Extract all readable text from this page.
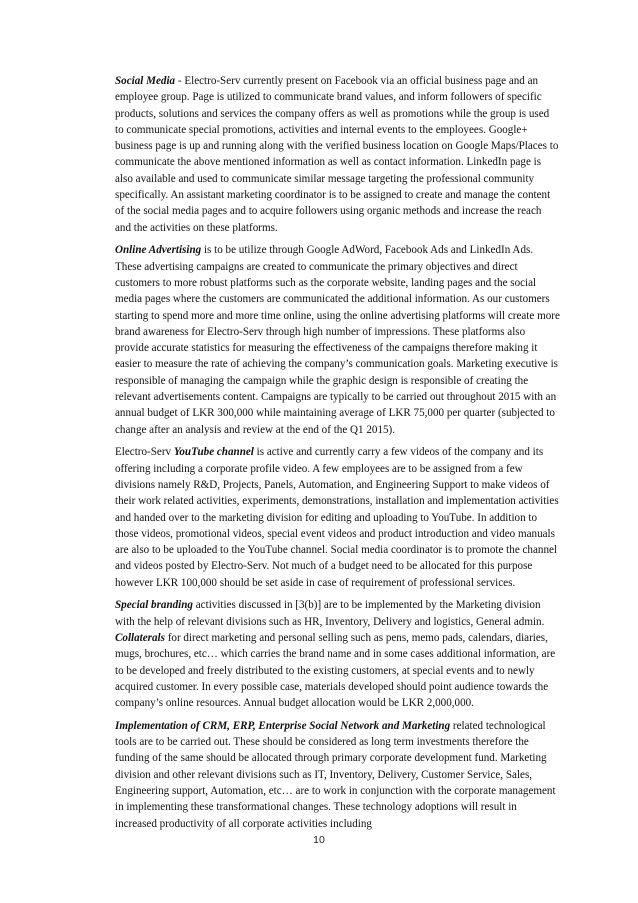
Social Media - Electro-Serv currently present on Facebook via an official business page and an employee group. Page is utilized to communicate brand values, and inform followers of specific products, solutions and services the company offers as well as promotions while the group is used to communicate special promotions, activities and internal events to the employees. Google+ business page is up and running along with the verified business location on Google Maps/Places to communicate the above mentioned information as well as contact information. LinkedIn page is also available and used to communicate similar message targeting the professional community specifically. An assistant marketing coordinator is to be assigned to create and manage the content of the social media pages and to acquire followers using organic methods and increase the reach and the activities on these platforms.

Online Advertising is to be utilize through Google AdWord, Facebook Ads and LinkedIn Ads. These advertising campaigns are created to communicate the primary objectives and direct customers to more robust platforms such as the corporate website, landing pages and the social media pages where the customers are communicated the additional information. As our customers starting to spend more and more time online, using the online advertising platforms will create more brand awareness for Electro-Serv through high number of impressions. These platforms also provide accurate statistics for measuring the effectiveness of the campaigns therefore making it easier to measure the rate of achieving the company’s communication goals. Marketing executive is responsible of managing the campaign while the graphic design is responsible of creating the relevant advertisements content. Campaigns are typically to be carried out throughout 2015 with an annual budget of LKR 300,000 while maintaining average of LKR 75,000 per quarter (subjected to change after an analysis and review at the end of the Q1 2015).

Electro-Serv YouTube channel is active and currently carry a few videos of the company and its offering including a corporate profile video. A few employees are to be assigned from a few divisions namely R&D, Projects, Panels, Automation, and Engineering Support to make videos of their work related activities, experiments, demonstrations, installation and implementation activities and handed over to the marketing division for editing and uploading to YouTube. In addition to those videos, promotional videos, special event videos and product introduction and video manuals are also to be uploaded to the YouTube channel. Social media coordinator is to promote the channel and videos posted by Electro-Serv. Not much of a budget need to be allocated for this purpose however LKR 100,000 should be set aside in case of requirement of professional services.

Special branding activities discussed in [3(b)] are to be implemented by the Marketing division with the help of relevant divisions such as HR, Inventory, Delivery and logistics, General admin. Collaterals for direct marketing and personal selling such as pens, memo pads, calendars, diaries, mugs, brochures, etc… which carries the brand name and in some cases additional information, are to be developed and freely distributed to the existing customers, at special events and to newly acquired customer. In every possible case, materials developed should point audience towards the company’s online resources. Annual budget allocation would be LKR 2,000,000.

Implementation of CRM, ERP, Enterprise Social Network and Marketing related technological tools are to be carried out. These should be considered as long term investments therefore the funding of the same should be allocated through primary corporate development fund. Marketing division and other relevant divisions such as IT, Inventory, Delivery, Customer Service, Sales, Engineering support, Automation, etc… are to work in conjunction with the corporate management in implementing these transformational changes. These technology adoptions will result in increased productivity of all corporate activities including

10
